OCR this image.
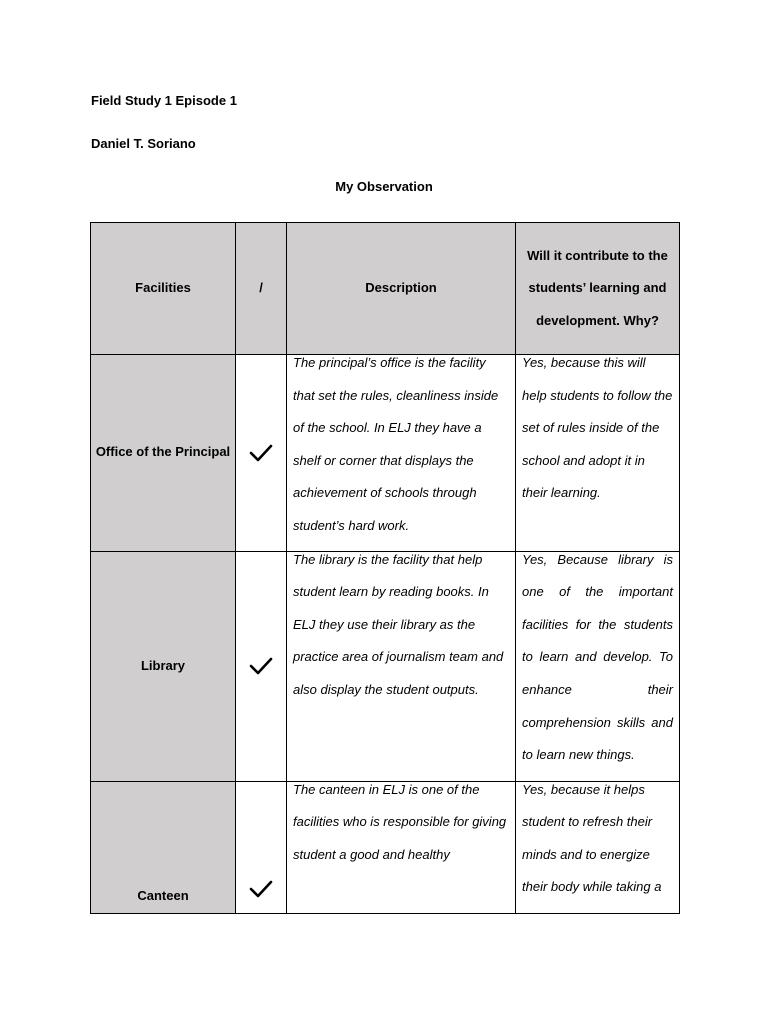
Field Study 1 Episode 1
Daniel T. Soriano
My Observation
Facilities	/	Description	Will it contribute to the students’ learning and development. Why?
Office of the Principal		The principal’s office is the facility that set the rules, cleanliness inside of the school. In ELJ they have a shelf or corner that displays the achievement of schools through student’s hard work.	Yes, because this will help students to follow the set of rules inside of the school and adopt it in their learning.

Library		The library is the facility that help student learn by reading books. In ELJ they use their library as the practice area of journalism team and also display the student outputs.	Yes, Because library is one of the important facilities for the students to learn and develop. To enhance their comprehension skills and to learn new things.

Canteen		The canteen in ELJ is one of the facilities who is responsible for giving student a good and healthy	Yes, because it helps student to refresh their minds and to energize their body while taking a
